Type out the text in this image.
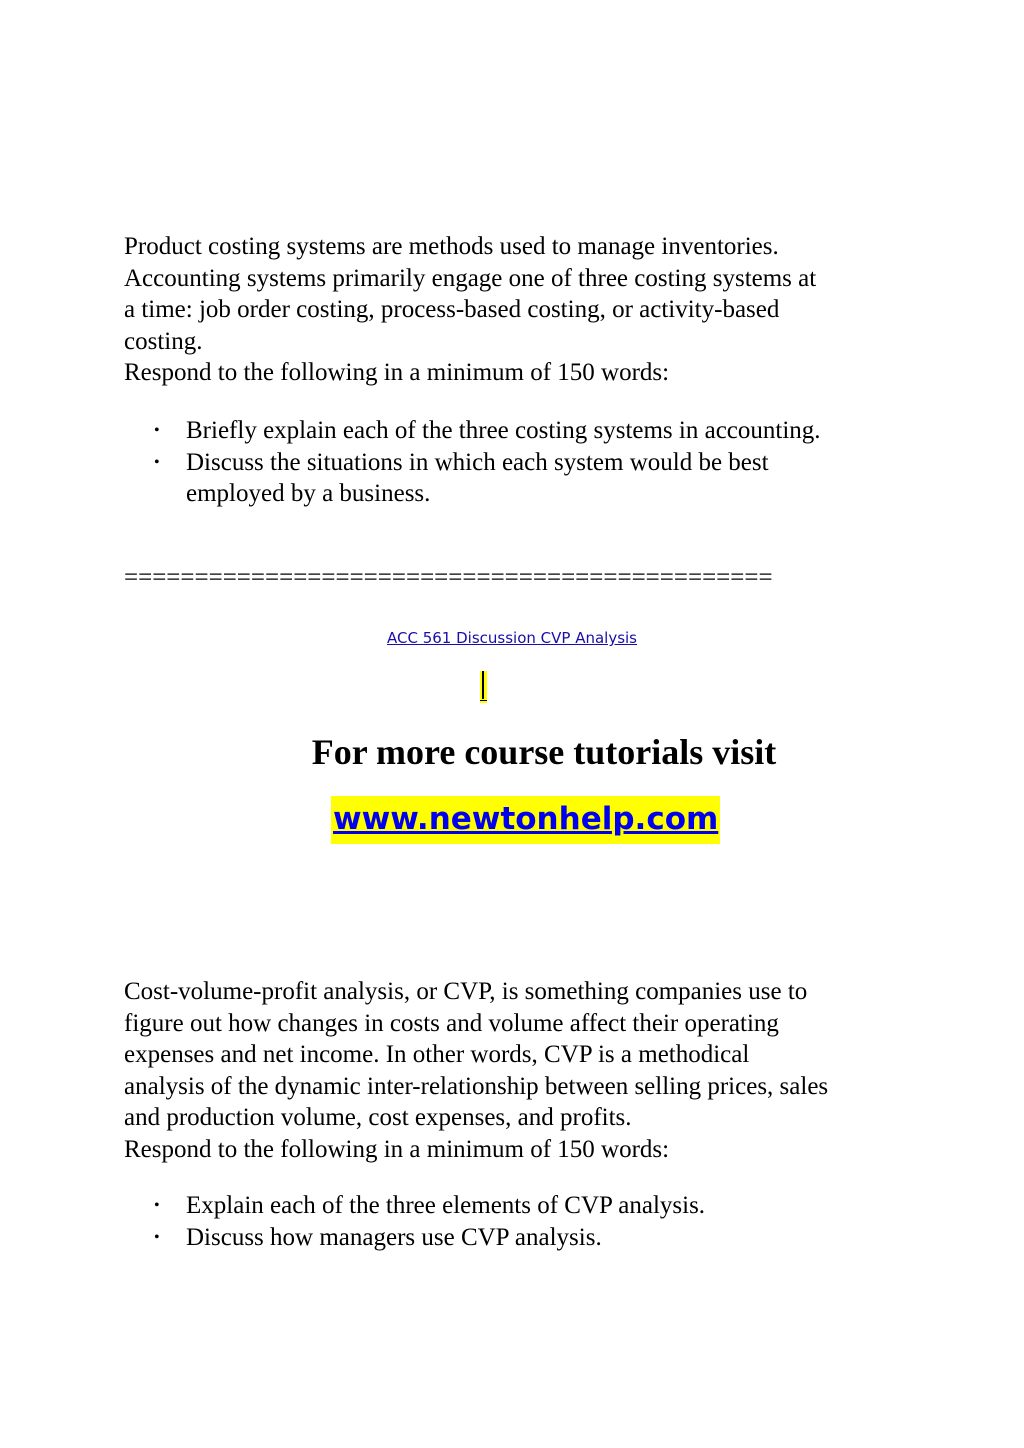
Product costing systems are methods used to manage inventories.

Accounting systems primarily engage one of three costing systems at

a time: job order costing, process-based costing, or activity-based

costing.

Respond to the following in a minimum of 150 words:

• Briefly explain each of the three costing systems in accounting.
• Discuss the situations in which each system would be best employed by a business.
==============================================
ACC 561 Discussion CVP Analysis
For more course tutorials visit
www.newtonhelp.com

Cost-volume-profit analysis, or CVP, is something companies use to

figure out how changes in costs and volume affect their operating

expenses and net income. In other words, CVP is a methodical

analysis of the dynamic inter-relationship between selling prices, sales

and production volume, cost expenses, and profits.

Respond to the following in a minimum of 150 words:

• Explain each of the three elements of CVP analysis.
• Discuss how managers use CVP analysis.
